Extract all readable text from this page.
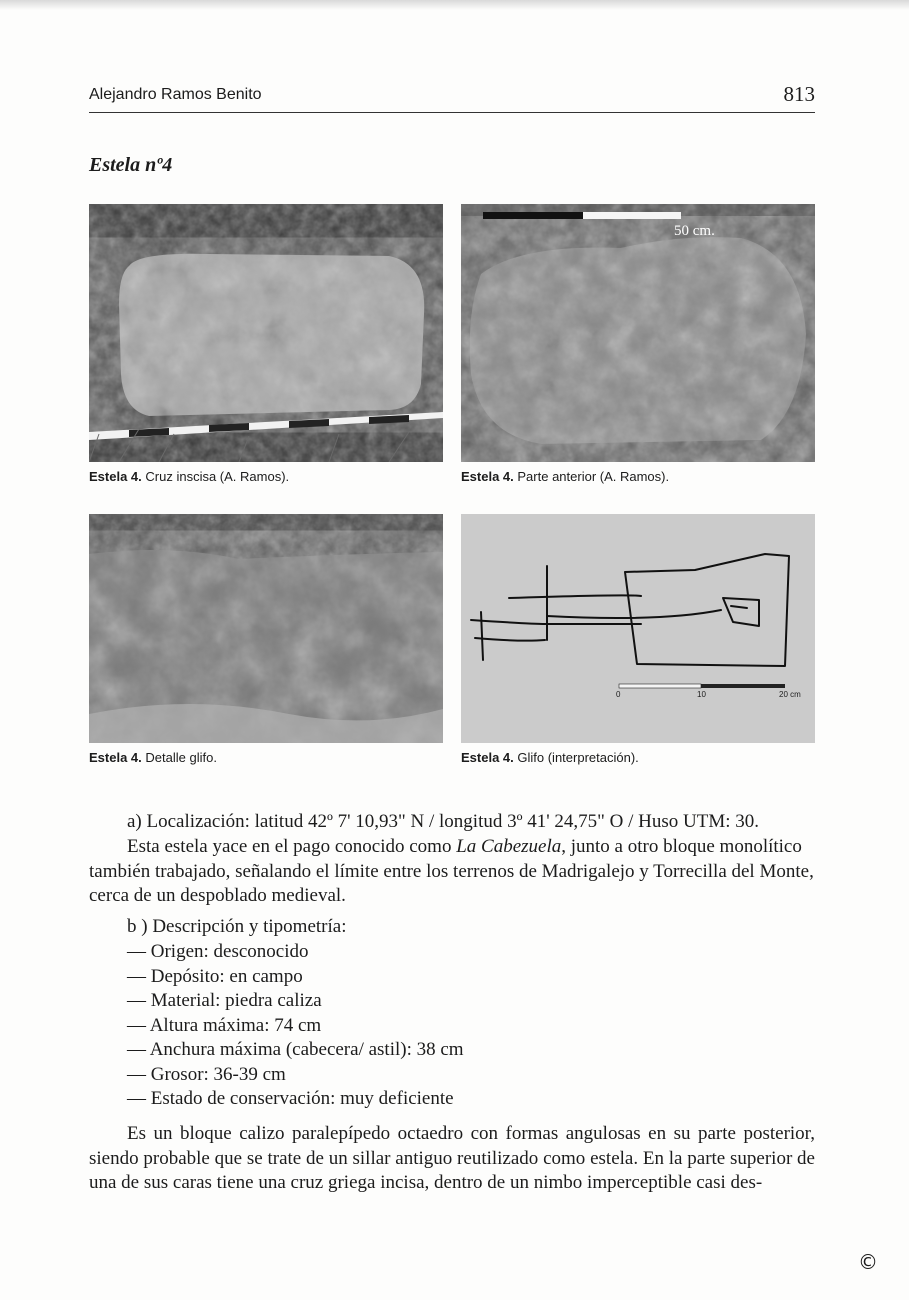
Alejandro Ramos Benito	813
Estela nº4
Estela 4. Cruz inscisa (A. Ramos).
50 cm.
Estela 4. Parte anterior (A. Ramos).
Estela 4. Detalle glifo.
0	10	20 cm
Estela 4. Glifo (interpretación).
a) Localización: latitud 42º 7' 10,93" N / longitud 3º 41' 24,75" O / Huso UTM: 30.
Esta estela yace en el pago conocido como La Cabezuela, junto a otro bloque monolítico también trabajado, señalando el límite entre los terrenos de Madrigalejo y Torrecilla del Monte, cerca de un despoblado medieval.
b ) Descripción y tipometría:
— Origen: desconocido
— Depósito: en campo
— Material: piedra caliza
— Altura máxima: 74 cm
— Anchura máxima (cabecera/ astil): 38 cm
— Grosor: 36-39 cm
— Estado de conservación: muy deficiente
Es un bloque calizo paralepípedo octaedro con formas angulosas en su parte posterior, siendo probable que se trate de un sillar antiguo reutilizado como estela. En la parte superior de una de sus caras tiene una cruz griega incisa, dentro de un nimbo imperceptible casi des-
©
